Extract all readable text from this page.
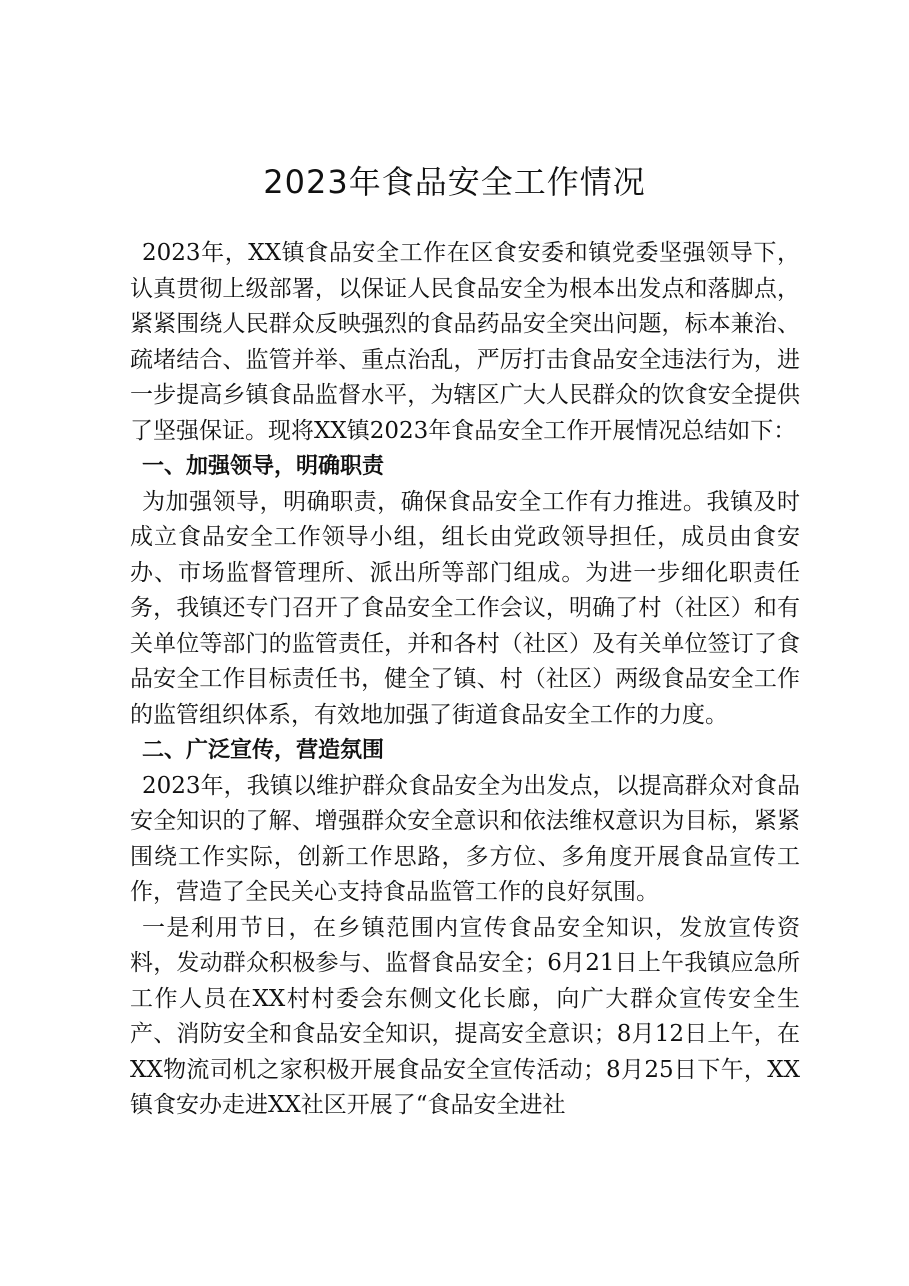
2023年食品安全工作情况

2023年，XX镇食品安全工作在区食安委和镇党委坚强领导下，认真贯彻上级部署，以保证人民食品安全为根本出发点和落脚点，紧紧围绕人民群众反映强烈的食品药品安全突出问题，标本兼治、疏堵结合、监管并举、重点治乱，严厉打击食品安全违法行为，进一步提高乡镇食品监督水平，为辖区广大人民群众的饮食安全提供了坚强保证。现将XX镇2023年食品安全工作开展情况总结如下：

一、加强领导，明确职责

为加强领导，明确职责，确保食品安全工作有力推进。我镇及时成立食品安全工作领导小组，组长由党政领导担任，成员由食安办、市场监督管理所、派出所等部门组成。为进一步细化职责任务，我镇还专门召开了食品安全工作会议，明确了村（社区）和有关单位等部门的监管责任，并和各村（社区）及有关单位签订了食品安全工作目标责任书，健全了镇、村（社区）两级食品安全工作的监管组织体系，有效地加强了街道食品安全工作的力度。

二、广泛宣传，营造氛围

2023年，我镇以维护群众食品安全为出发点，以提高群众对食品安全知识的了解、增强群众安全意识和依法维权意识为目标，紧紧围绕工作实际，创新工作思路，多方位、多角度开展食品宣传工作，营造了全民关心支持食品监管工作的良好氛围。

一是利用节日，在乡镇范围内宣传食品安全知识，发放宣传资料，发动群众积极参与、监督食品安全；6月21日上午我镇应急所工作人员在XX村村委会东侧文化长廊，向广大群众宣传安全生产、消防安全和食品安全知识，提高安全意识；8月12日上午，在XX物流司机之家积极开展食品安全宣传活动；8月25日下午，XX镇食安办走进XX社区开展了“食品安全进社
